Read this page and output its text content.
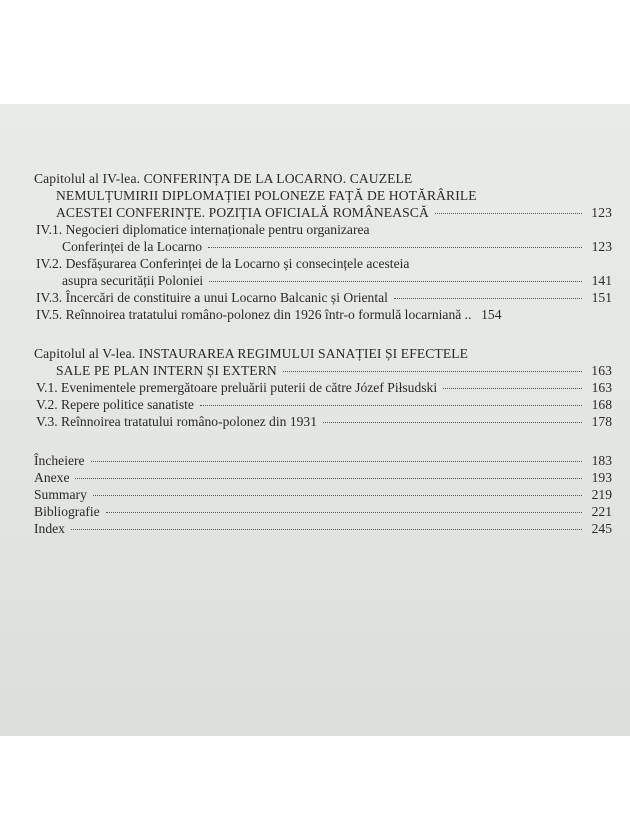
Capitolul al IV-lea. CONFERINȚA DE LA LOCARNO. CAUZELE
NEMULȚUMIRII DIPLOMAȚIEI POLONEZE FAȚĂ DE HOTĂRÂRILE
ACESTEI CONFERINȚE. POZIȚIA OFICIALĂ ROMÂNEASCĂ	123
IV.1. Negocieri diplomatice internaționale pentru organizarea
Conferinței de la Locarno	123
IV.2. Desfășurarea Conferinței de la Locarno și consecințele acesteia
asupra securității Poloniei	141
IV.3. Încercări de constituire a unui Locarno Balcanic și Oriental	151
IV.5. Reînnoirea tratatului româno-polonez din 1926 într-o formulă locarniană .. 154
Capitolul al V-lea. INSTAURAREA REGIMULUI SANAȚIEI ȘI EFECTELE
SALE PE PLAN INTERN ȘI EXTERN	163
V.1. Evenimentele premergătoare preluării puterii de către Józef Piłsudski	163
V.2. Repere politice sanatiste	168
V.3. Reînnoirea tratatului româno-polonez din 1931	178
Încheiere	183
Anexe	193
Summary	219
Bibliografie	221
Index	245
